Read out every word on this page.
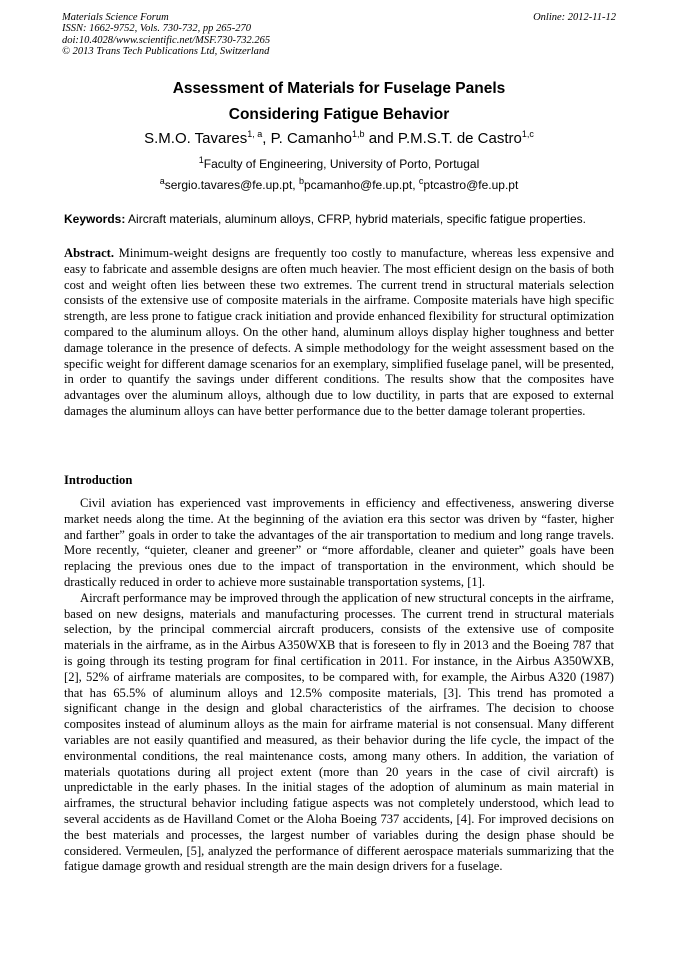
Materials Science Forum
ISSN: 1662-9752, Vols. 730-732, pp 265-270
doi:10.4028/www.scientific.net/MSF.730-732.265
© 2013 Trans Tech Publications Ltd, Switzerland
Online: 2012-11-12
Assessment of Materials for Fuselage Panels
Considering Fatigue Behavior
S.M.O. Tavares$^{1, a}$, P. Camanho$^{1,b}$ and P.M.S.T. de Castro$^{1,c}$
$^1$Faculty of Engineering, University of Porto, Portugal
$^a$sergio.tavares@fe.up.pt, $^b$pcamanho@fe.up.pt, $^c$ptcastro@fe.up.pt
Keywords: Aircraft materials, aluminum alloys, CFRP, hybrid materials, specific fatigue properties.
Abstract. Minimum-weight designs are frequently too costly to manufacture, whereas less expensive and easy to fabricate and assemble designs are often much heavier. The most efficient design on the basis of both cost and weight often lies between these two extremes. The current trend in structural materials selection consists of the extensive use of composite materials in the airframe. Composite materials have high specific strength, are less prone to fatigue crack initiation and provide enhanced flexibility for structural optimization compared to the aluminum alloys. On the other hand, aluminum alloys display higher toughness and better damage tolerance in the presence of defects. A simple methodology for the weight assessment based on the specific weight for different damage scenarios for an exemplary, simplified fuselage panel, will be presented, in order to quantify the savings under different conditions. The results show that the composites have advantages over the aluminum alloys, although due to low ductility, in parts that are exposed to external damages the aluminum alloys can have better performance due to the better damage tolerant properties.
Introduction

Civil aviation has experienced vast improvements in efficiency and effectiveness, answering diverse market needs along the time. At the beginning of the aviation era this sector was driven by “faster, higher and farther” goals in order to take the advantages of the air transportation to medium and long range travels. More recently, “quieter, cleaner and greener” or “more affordable, cleaner and quieter” goals have been replacing the previous ones due to the impact of transportation in the environment, which should be drastically reduced in order to achieve more sustainable transportation systems, [1].

Aircraft performance may be improved through the application of new structural concepts in the airframe, based on new designs, materials and manufacturing processes. The current trend in structural materials selection, by the principal commercial aircraft producers, consists of the extensive use of composite materials in the airframe, as in the Airbus A350WXB that is foreseen to fly in 2013 and the Boeing 787 that is going through its testing program for final certification in 2011. For instance, in the Airbus A350WXB, [2], 52% of airframe materials are composites, to be compared with, for example, the Airbus A320 (1987) that has 65.5% of aluminum alloys and 12.5% composite materials, [3]. This trend has promoted a significant change in the design and global characteristics of the airframes. The decision to choose composites instead of aluminum alloys as the main for airframe material is not consensual. Many different variables are not easily quantified and measured, as their behavior during the life cycle, the impact of the environmental conditions, the real maintenance costs, among many others. In addition, the variation of materials quotations during all project extent (more than 20 years in the case of civil aircraft) is unpredictable in the early phases. In the initial stages of the adoption of aluminum as main material in airframes, the structural behavior including fatigue aspects was not completely understood, which lead to several accidents as de Havilland Comet or the Aloha Boeing 737 accidents, [4]. For improved decisions on the best materials and processes, the largest number of variables during the design phase should be considered. Vermeulen, [5], analyzed the performance of different aerospace materials summarizing that the fatigue damage growth and residual strength are the main design drivers for a fuselage.
